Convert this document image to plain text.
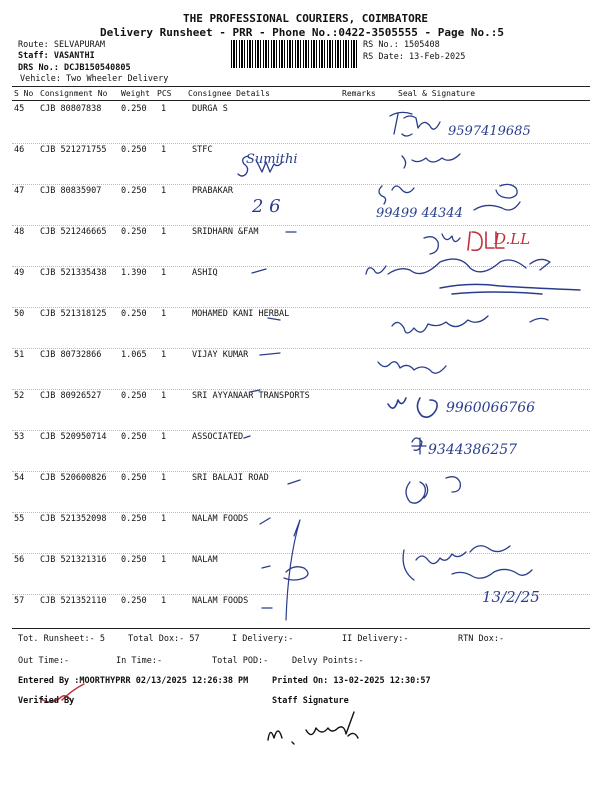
THE PROFESSIONAL COURIERS, COIMBATORE
Delivery Runsheet - PRR - Phone No.:0422-3505555 - Page No.:5
Route: SELVAPURAM
Staff: VASANTHI
DRS No.: DCJB150540805
Vehicle: Two Wheeler Delivery
RS No.: 1505408
RS Date: 13-Feb-2025
S No Consignment No Weight PCS Consignee Details	Remarks	Seal & Signature
45 CJB 80807838 0.250 1	DURGA S
46 CJB 521271755 0.250 1	STFC
47 CJB 80835907 0.250 1	PRABAKAR
48 CJB 521246665 0.250 1	SRIDHARN &FAM
49 CJB 521335438 1.390 1	ASHIQ
50 CJB 521318125 0.250 1	MOHAMED KANI HERBAL
51 CJB 80732866 1.065 1	VIJAY KUMAR
52 CJB 80926527 0.250 1	SRI AYYANAAR TRANSPORTS
53 CJB 520950714 0.250 1	ASSOCIATED
54 CJB 520600826 0.250 1	SRI BALAJI ROAD
55 CJB 521352098 0.250 1	NALAM FOODS
56 CJB 521321316 0.250 1	NALAM
57 CJB 521352110 0.250 1	NALAM FOODS
9597419685
2 6	99499 44344
Sumithi
D.LL
9960066766
9344386257
13/2/25
Tot. Runsheet:- 5	Total Dox:- 57	I Delivery:-	II Delivery:-	RTN Dox:-
Out Time:-	In Time:-	Total POD:-	Delvy Points:-
Entered By :MOORTHYPRR 02/13/2025 12:26:38 PM	Printed On: 13-02-2025 12:30:57
Verified By	Staff Signature
